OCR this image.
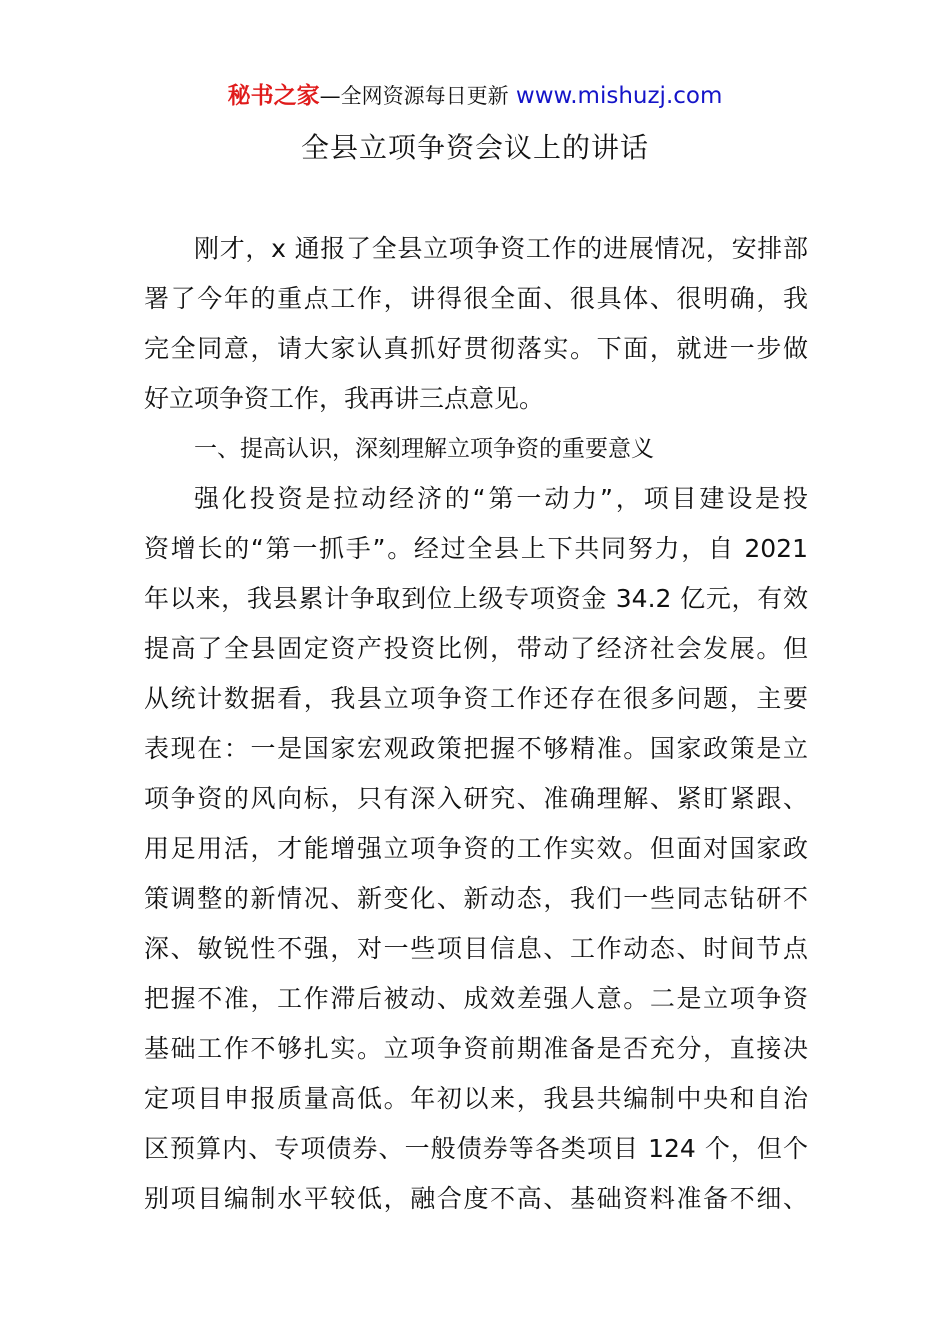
秘书之家—全网资源每日更新 www.mishuzj.com
全县立项争资会议上的讲话
刚才，x 通报了全县立项争资工作的进展情况，安排部
署了今年的重点工作，讲得很全面、很具体、很明确，我
完全同意，请大家认真抓好贯彻落实。下面，就进一步做
好立项争资工作，我再讲三点意见。
一、提高认识，深刻理解立项争资的重要意义
强化投资是拉动经济的“第一动力”，项目建设是投
资增长的“第一抓手”。经过全县上下共同努力，自 2021
年以来，我县累计争取到位上级专项资金 34.2 亿元，有效
提高了全县固定资产投资比例，带动了经济社会发展。但
从统计数据看，我县立项争资工作还存在很多问题，主要
表现在：一是国家宏观政策把握不够精准。国家政策是立
项争资的风向标，只有深入研究、准确理解、紧盯紧跟、
用足用活，才能增强立项争资的工作实效。但面对国家政
策调整的新情况、新变化、新动态，我们一些同志钻研不
深、敏锐性不强，对一些项目信息、工作动态、时间节点
把握不准，工作滞后被动、成效差强人意。二是立项争资
基础工作不够扎实。立项争资前期准备是否充分，直接决
定项目申报质量高低。年初以来，我县共编制中央和自治
区预算内、专项债券、一般债券等各类项目 124 个，但个
别项目编制水平较低，融合度不高、基础资料准备不细、
